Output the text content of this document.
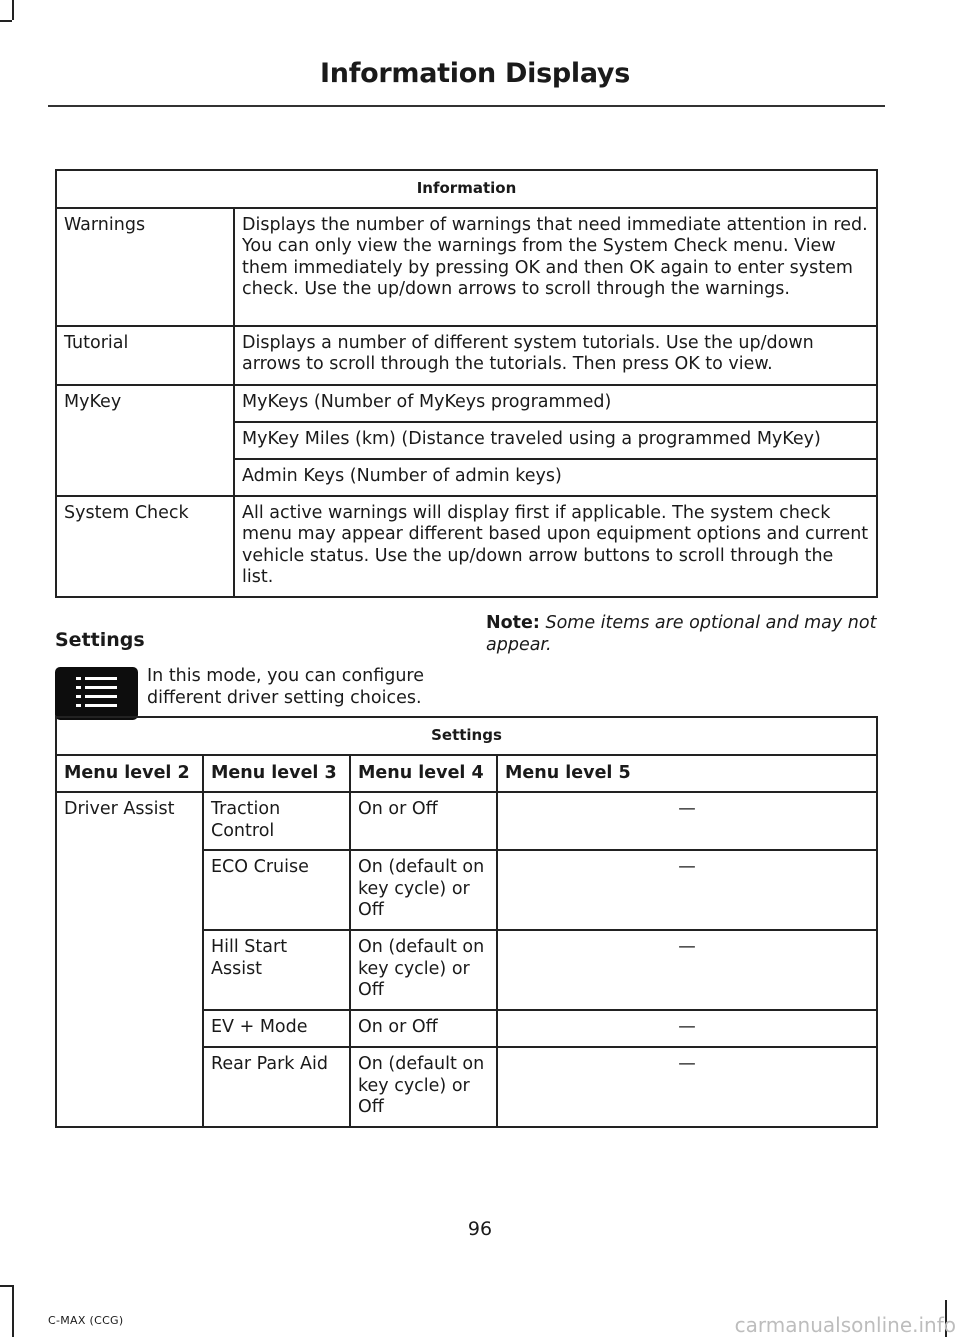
Information Displays
Information	
Warnings	Displays the number of warnings that need immediate attention in red. You can only view the warnings from the System Check menu. View them immediately by pressing OK and then OK again to enter system check. Use the up/down arrows to scroll through the warnings.
Tutorial	Displays a number of different system tutorials. Use the up/down arrows to scroll through the tutorials. Then press OK to view.
MyKey	MyKeys (Number of MyKeys programmed)
	MyKey Miles (km) (Distance traveled using a programmed MyKey)
	Admin Keys (Number of admin keys)
System Check	All active warnings will display first if applicable. The system check menu may appear different based upon equipment options and current vehicle status. Use the up/down arrow buttons to scroll through the list.
Settings
In this mode, you can configure different driver setting choices.
Note: Some items are optional and may not appear.
Settings			
Menu level 2	Menu level 3	Menu level 4	Menu level 5
Driver Assist	Traction Control	On or Off	—
	ECO Cruise	On (default on key cycle) or Off	—
	Hill Start Assist	On (default on key cycle) or Off	—
	EV + Mode	On or Off	—
	Rear Park Aid	On (default on key cycle) or Off	—
96
C-MAX (CCG)	carmanualsonline.info
